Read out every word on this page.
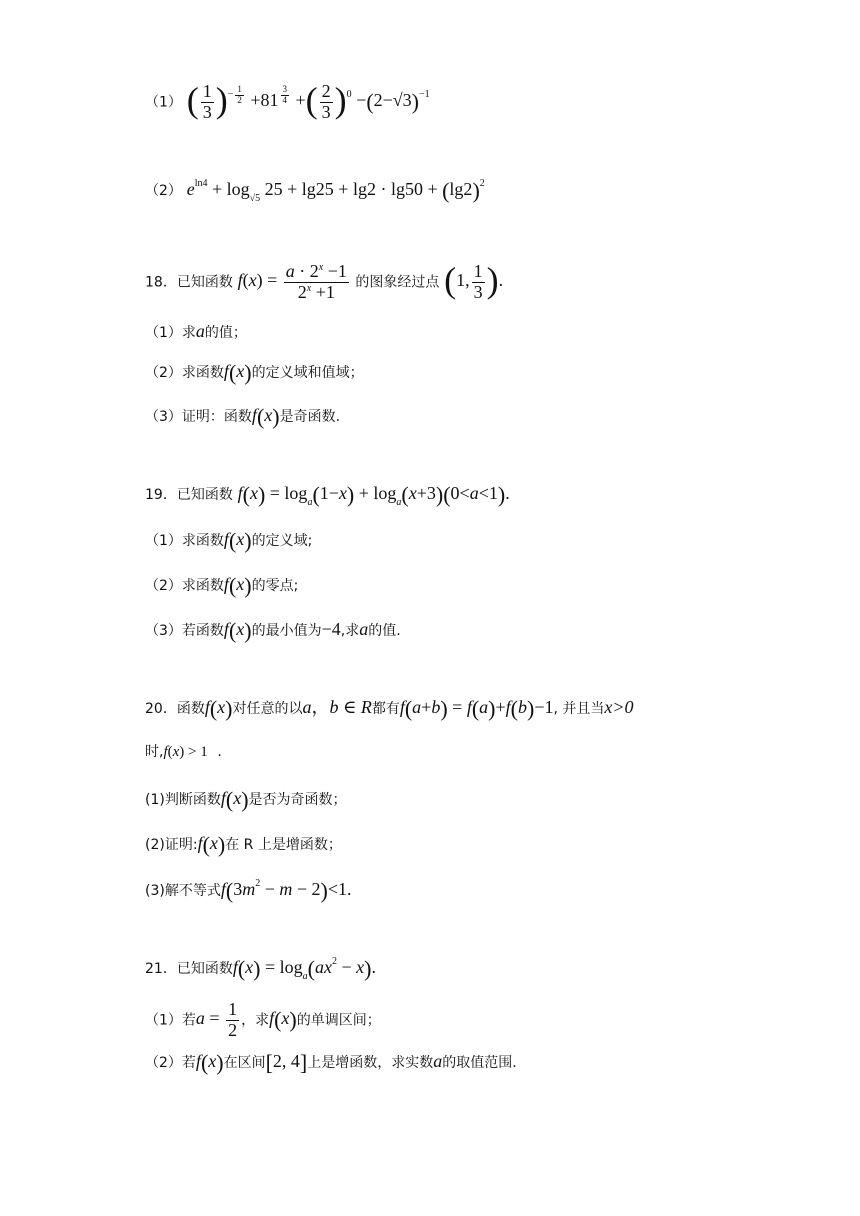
（1） ( $\frac{1}{3} )^{- \frac{1}{2}} +81$ $^{\frac{3}{4}}$ +( $\frac{2}{3} )^0 -(2-√3)^{-1}$
（2） $e^{ln4} + \log_{√5} 25 + \lg 25 + \lg 2 \cdot \lg 50 + (\lg 2)^2$
18．已知函数 $f(x) = \frac{a \cdot 2^x -1}{2^x +1}$ 的图象经过点 (1, $\frac{1}{3}$ ).
（1）求a的值；
（2）求函数f(x)的定义域和值域；
（3）证明：函数f(x)是奇函数.
19．已知函数 $f(x) = \log_a(1-x) + \log_a(x+3)(0<a<1)$.
（1）求函数f(x)的定义域;
（2）求函数f(x)的零点;
（3）若函数f(x)的最小值为−4,求a的值.
20．函数f(x)对任意的以a，b ∈ R都有f(a+b) = f(a)+f(b)−1, 并且当x>0
时,f(x) > 1 .
(1)判断函数f(x)是否为奇函数；
(2)证明:f(x)在 R 上是增函数；
(3)解不等式$f(3m^2 - m - 2)<1$.
21．已知函数$f(x) = \log_a(ax^2 - x)$.
（1）若$a = \frac{1}{2}$ ，求f(x)的单调区间；
（2）若f(x)在区间[2, 4]上是增函数，求实数a的取值范围.
